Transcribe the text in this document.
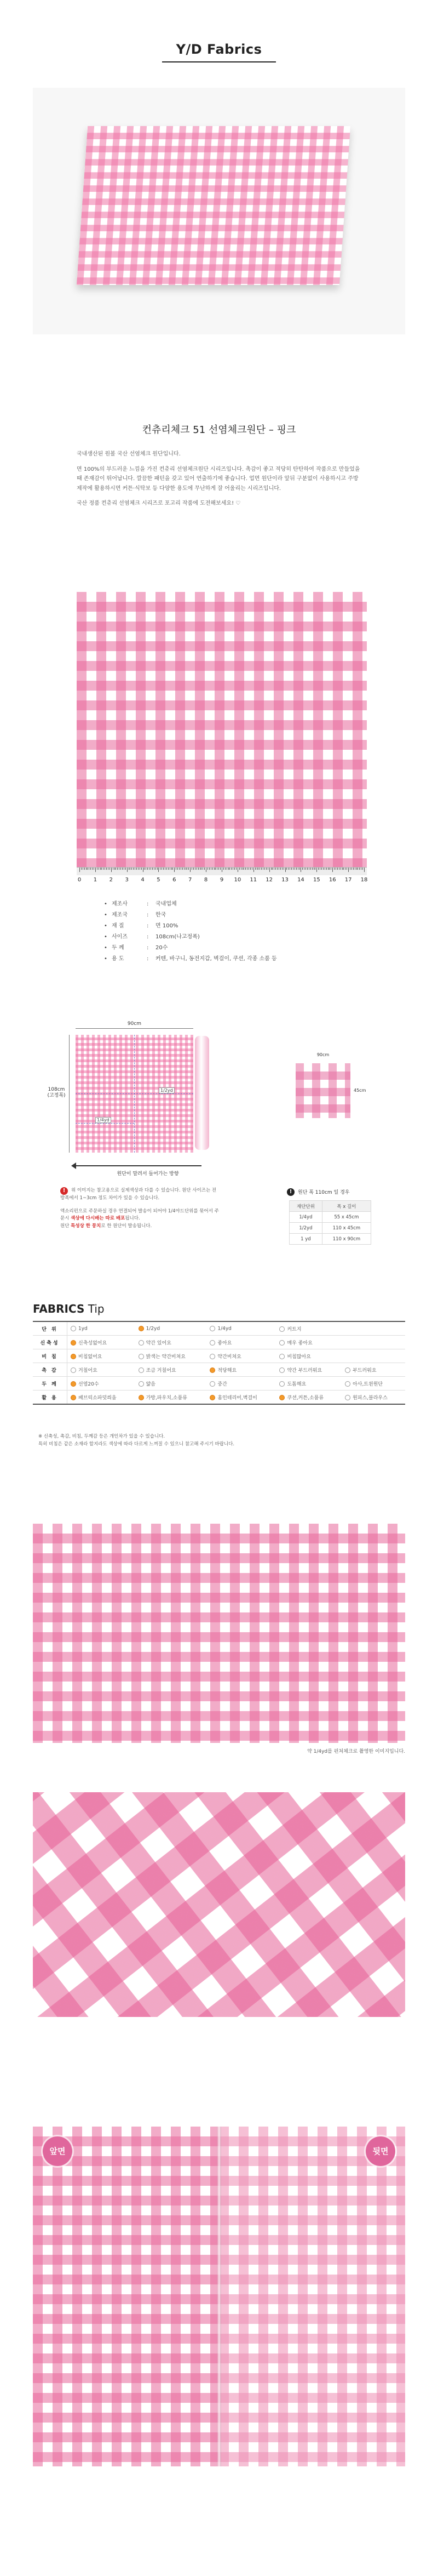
Y/D Fabrics
컨츄리체크 51 선염체크원단 – 핑크

국내생산된 원볼 국산 선염체크 원단입니다.

면 100%의 부드러운 느낌을 가진 컨츄리 선염체크원단 시리즈입니다. 촉감이 좋고 적당히 탄탄하여 작품으로 만들었을 때 존재감이 뛰어납니다. 깔끔한 패턴을 갖고 있어 연출하기에 좋습니다. 업면 원단이라 앞뒤 구분없이 사용하시고 주방 제작에 활용하시면 커튼·식탁보 등 다양한 용도에 무난하게 잘 어울리는 시리즈입니다.

국산 정품 컨츄리 선염체크 시리즈로 포고리 작품에 도전해보세요! ♡

0	1	2	3	4	5	6	7	8	9	10	11	12	13	14	15	16	17	18
• 제조사	:	국내업체
• 제조국	:	한국
• 재 질	:	면 100%
• 사이즈	:	108cm(나고정폭)
• 두 께	:	20수
• 용 도	:	커텐, 바구니, 동전지갑, 벽걸이, 쿠션, 각종 소품 등
90cm
108cm
(고정폭)
1/2yd
1/4yd
원단이 말려서 들어가는 방향
90cm
45cm
! 위 이미지는 참고용으로 실제색상과 다를 수 있습니다. 원단 사이즈는 전방폭에서 1~3cm 정도 차이가 있을 수 있습니다.
액소리펀으로 주문하실 경우 연결되어 발송이 되어야 1/4야드단위를 묶어서 주문시 색상에 다시배는 따로 배포됩니다.
원단 특성상 한 뭉치로 한 원단이 발송됩니다.
! 원단 폭 110cm 일 경우
재단단위	폭 x 길이
1/4yd	55 x 45cm
1/2yd	110 x 45cm
1 yd	110 x 90cm
FABRICS Tip
단 위	1yd	1/2yd	1/4yd	커트지	
신축성	신축성없어요	약간 있어요	좋아요	매우 좋아요	
비 침	비침없어요	밝색는 약간비쳐요	약간비쳐요	비침많아요	
촉 감	거칠어요	조금 거칠어요	적당해요	약간 부드러워요	부드러워요
두 께	선염20수	얇음	중간	도톰해요	아사,트윈원단
활 용	패브릭소파덧씌움	가방,파우치,소품류	홈인테리어,벽걸이	쿠션,커튼,소품류	원피스,블라우스
※ 신축성, 촉감, 비침, 두께감 등은 개인차가 있을 수 있습니다.
특히 비침은 같은 소재라 할지라도 색상에 따라 다르게 느껴질 수 있으니 참고해 주시기 바랍니다.
약 1/4yd를 펀쳐체크로 촬영한 이미지입니다.
앞면	뒷면
